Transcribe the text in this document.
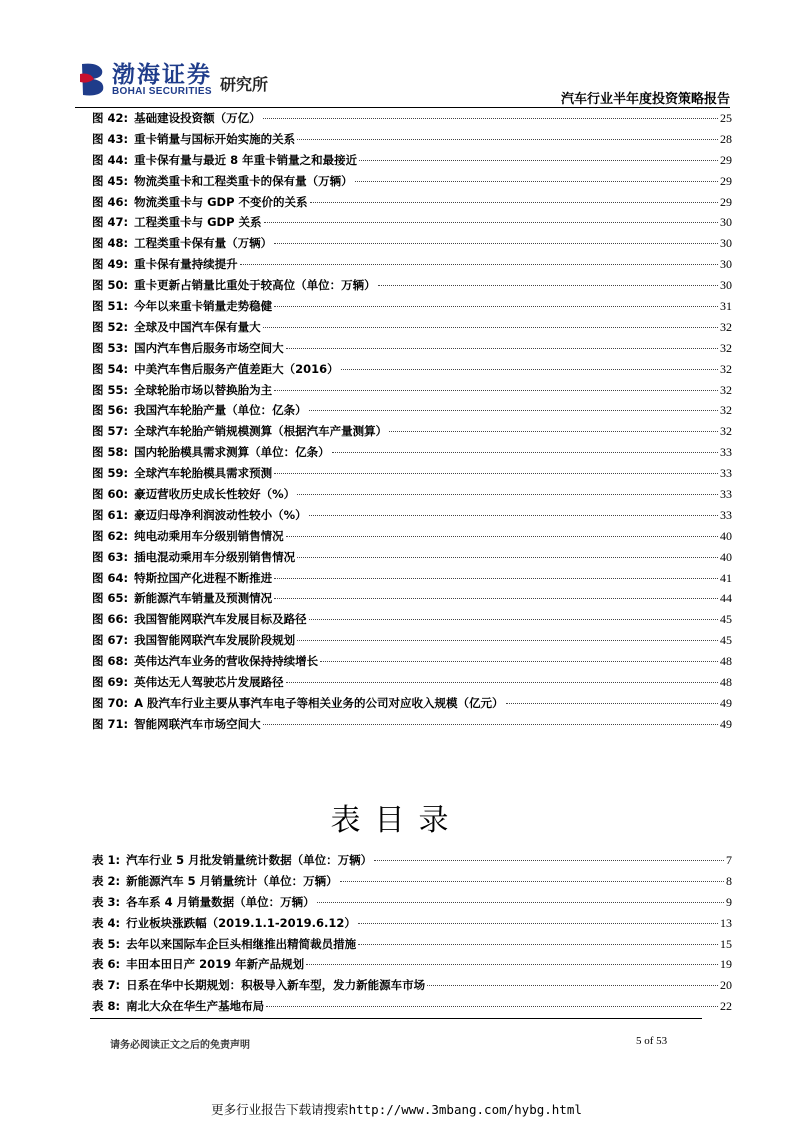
渤海证券
BOHAI SECURITIES 研究所
汽车行业半年度投资策略报告
图 42: 基础建设投资额（万亿）	25
图 43: 重卡销量与国标开始实施的关系	28
图 44: 重卡保有量与最近 8 年重卡销量之和最接近	29
图 45: 物流类重卡和工程类重卡的保有量（万辆）	29
图 46: 物流类重卡与 GDP 不变价的关系	29
图 47: 工程类重卡与 GDP 关系	30
图 48: 工程类重卡保有量（万辆）	30
图 49: 重卡保有量持续提升	30
图 50: 重卡更新占销量比重处于较高位（单位：万辆）	30
图 51: 今年以来重卡销量走势稳健	31
图 52: 全球及中国汽车保有量大	32
图 53: 国内汽车售后服务市场空间大	32
图 54: 中美汽车售后服务产值差距大（2016）	32
图 55: 全球轮胎市场以替换胎为主	32
图 56: 我国汽车轮胎产量（单位：亿条）	32
图 57: 全球汽车轮胎产销规模测算（根据汽车产量测算）	32
图 58: 国内轮胎模具需求测算（单位：亿条）	33
图 59: 全球汽车轮胎模具需求预测	33
图 60: 豪迈营收历史成长性较好（%）	33
图 61: 豪迈归母净利润波动性较小（%）	33
图 62: 纯电动乘用车分级别销售情况	40
图 63: 插电混动乘用车分级别销售情况	40
图 64: 特斯拉国产化进程不断推进	41
图 65: 新能源汽车销量及预测情况	44
图 66: 我国智能网联汽车发展目标及路径	45
图 67: 我国智能网联汽车发展阶段规划	45
图 68: 英伟达汽车业务的营收保持持续增长	48
图 69: 英伟达无人驾驶芯片发展路径	48
图 70: A 股汽车行业主要从事汽车电子等相关业务的公司对应收入规模（亿元）	49
图 71: 智能网联汽车市场空间大	49
表目录
表 1: 汽车行业 5 月批发销量统计数据（单位：万辆）	7
表 2: 新能源汽车 5 月销量统计（单位：万辆）	8
表 3: 各车系 4 月销量数据（单位：万辆）	9
表 4: 行业板块涨跌幅（2019.1.1-2019.6.12）	13
表 5: 去年以来国际车企巨头相继推出精简裁员措施	15
表 6: 丰田本田日产 2019 年新产品规划	19
表 7: 日系在华中长期规划：积极导入新车型，发力新能源车市场	20
表 8: 南北大众在华生产基地布局	22
请务必阅读正文之后的免责声明	5 of 53
更多行业报告下载请搜索http://www.3mbang.com/hybg.html
